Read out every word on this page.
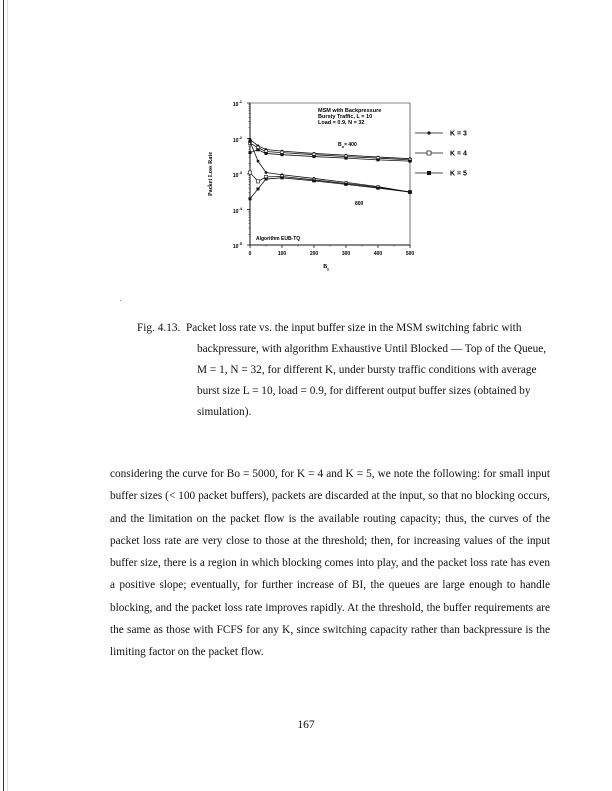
$10^{-1}$
$10^{-2}$
$10^{-3}$
$10^{-4}$
$10^{-5}$
0	100	200	300	400	500
$B_I$
Packet Loss Rate
MSM with Backpressure
Bursty Traffic, L = 10
Load = 0.9, N = 32
$B_o= 400$
800
Algorithm EUB-TQ
K = 3
K = 4
K = 5
Fig. 4.13. Packet loss rate vs. the input buffer size in the MSM switching fabric with
backpressure, with algorithm Exhaustive Until Blocked — Top of the Queue, M = 1, N = 32, for different K, under bursty traffic conditions with average burst size L = 10, load = 0.9, for different output buffer sizes (obtained by simulation).
considering the curve for Bo = 5000, for K = 4 and K = 5, we note the following: for small input buffer sizes (< 100 packet buffers), packets are discarded at the input, so that no blocking occurs, and the limitation on the packet flow is the available routing capacity; thus, the curves of the packet loss rate are very close to those at the threshold; then, for increasing values of the input buffer size, there is a region in which blocking comes into play, and the packet loss rate has even a positive slope; eventually, for further increase of BI, the queues are large enough to handle blocking, and the packet loss rate improves rapidly. At the threshold, the buffer requirements are the same as those with FCFS for any K, since switching capacity rather than backpressure is the limiting factor on the packet flow.
167
